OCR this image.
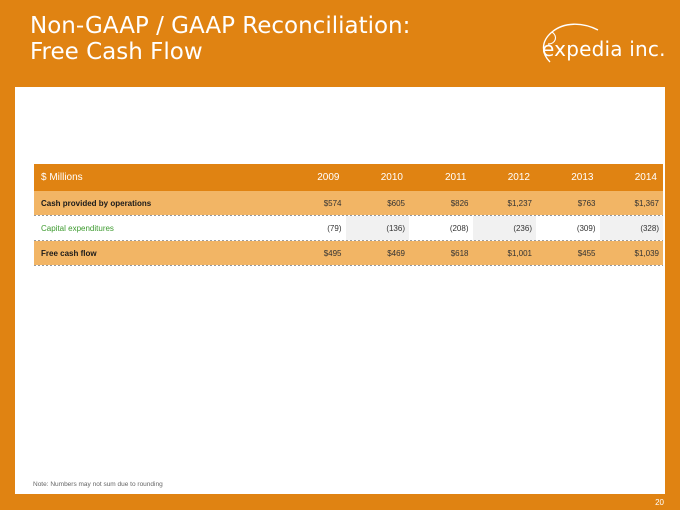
Non-GAAP / GAAP Reconciliation:
Free Cash Flow	expedia inc.
$ Millions	2009	2010	2011	2012	2013	2014
Cash provided by operations	$574	$605	$826	$1,237	$763	$1,367
Capital expenditures	(79)	(136)	(208)	(236)	(309)	(328)
Free cash flow	$495	$469	$618	$1,001	$455	$1,039
Note: Numbers may not sum due to rounding
20
